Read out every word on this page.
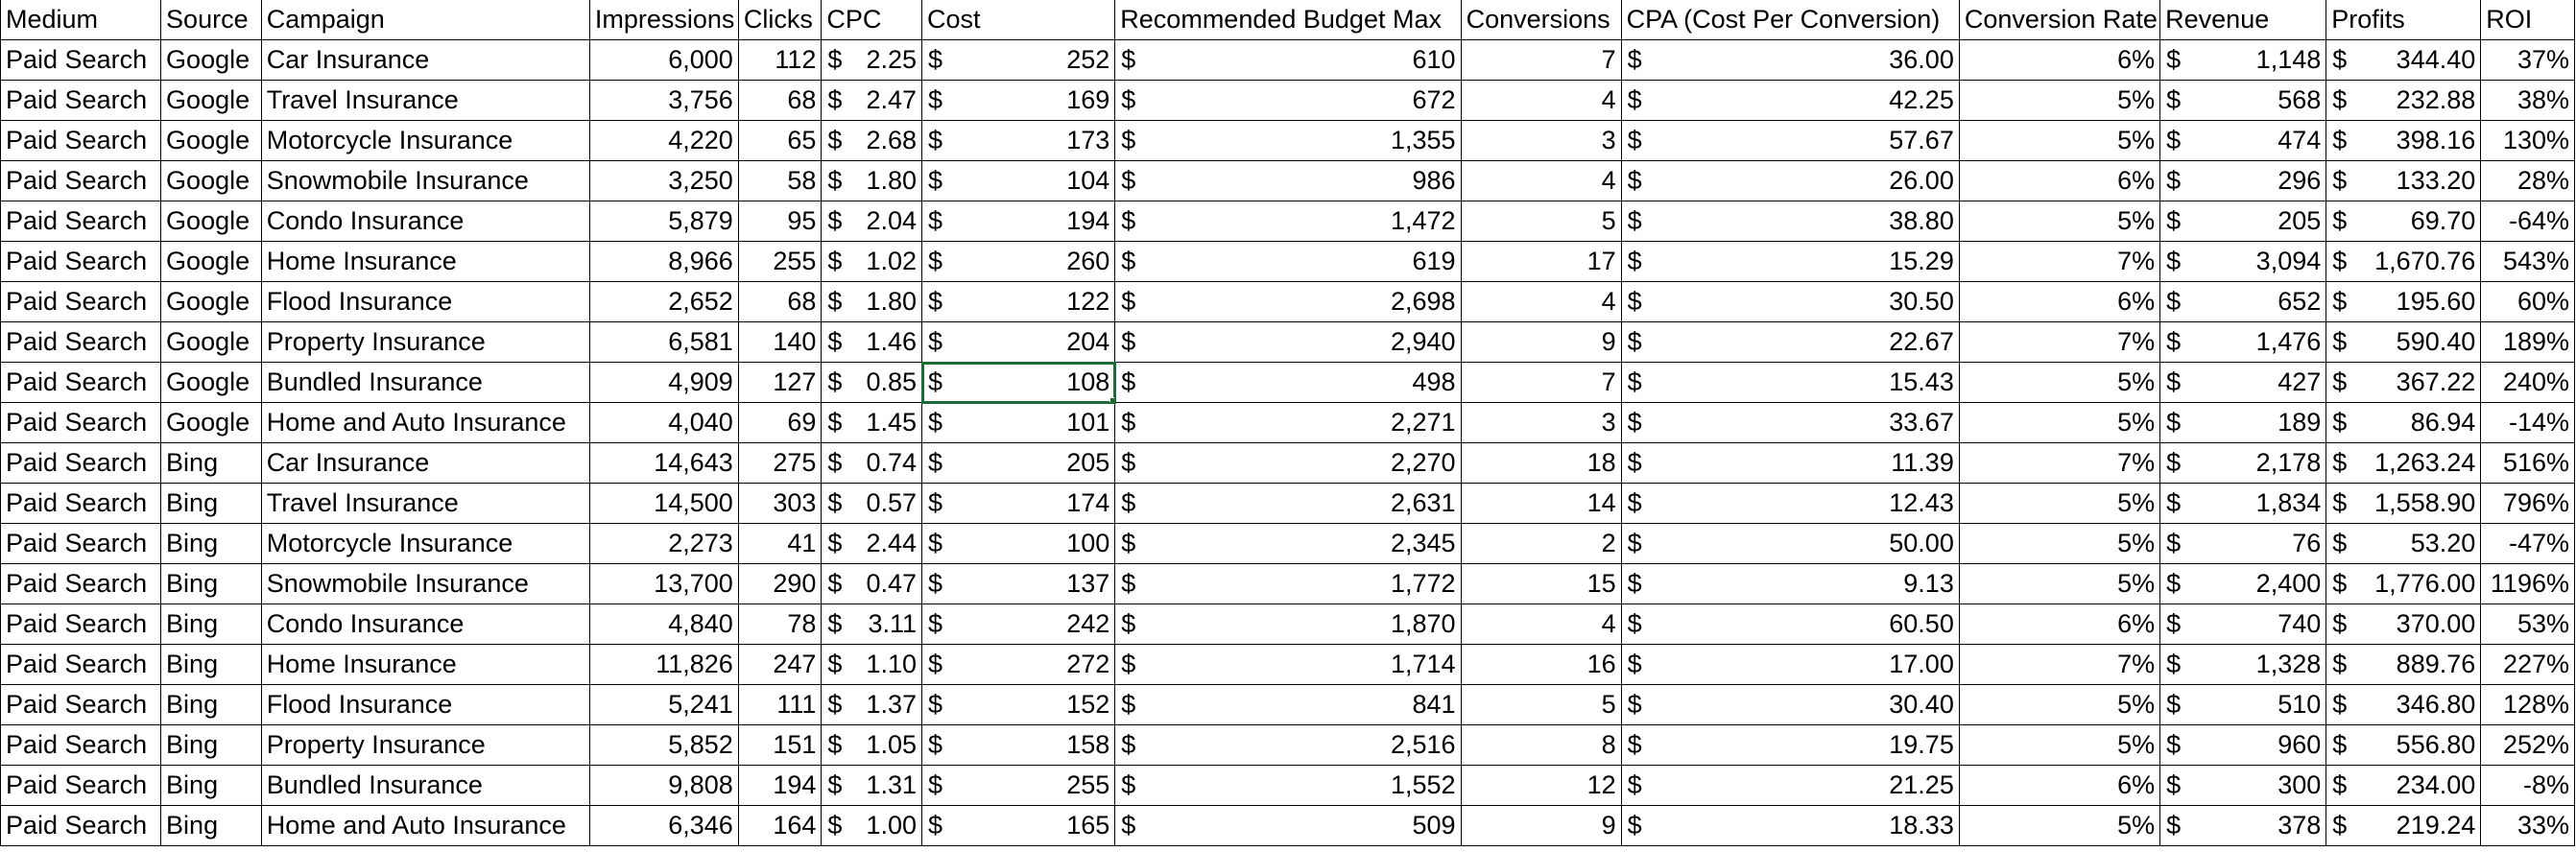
Medium	Source	Campaign	Impressions	Clicks	CPC	Cost	Recommended Budget Max	Conversions	CPA (Cost Per Conversion)	Conversion Rate	Revenue	Profits	ROI
Paid Search	Google	Car Insurance	6,000	112	$ 2.25	$ 252	$ 610	7	$ 36.00	6%	$ 1,148	$ 344.40	37%
Paid Search	Google	Travel Insurance	3,756	68	$ 2.47	$ 169	$ 672	4	$ 42.25	5%	$ 568	$ 232.88	38%
Paid Search	Google	Motorcycle Insurance	4,220	65	$ 2.68	$ 173	$ 1,355	3	$ 57.67	5%	$ 474	$ 398.16	130%
Paid Search	Google	Snowmobile Insurance	3,250	58	$ 1.80	$ 104	$ 986	4	$ 26.00	6%	$ 296	$ 133.20	28%
Paid Search	Google	Condo Insurance	5,879	95	$ 2.04	$ 194	$ 1,472	5	$ 38.80	5%	$ 205	$ 69.70	-64%
Paid Search	Google	Home Insurance	8,966	255	$ 1.02	$ 260	$ 619	17	$ 15.29	7%	$ 3,094	$ 1,670.76	543%
Paid Search	Google	Flood Insurance	2,652	68	$ 1.80	$ 122	$ 2,698	4	$ 30.50	6%	$ 652	$ 195.60	60%
Paid Search	Google	Property Insurance	6,581	140	$ 1.46	$ 204	$ 2,940	9	$ 22.67	7%	$ 1,476	$ 590.40	189%
Paid Search	Google	Bundled Insurance	4,909	127	$ 0.85	$ 108	$ 498	7	$ 15.43	5%	$ 427	$ 367.22	240%
Paid Search	Google	Home and Auto Insurance	4,040	69	$ 1.45	$ 101	$ 2,271	3	$ 33.67	5%	$ 189	$ 86.94	-14%
Paid Search	Bing	Car Insurance	14,643	275	$ 0.74	$ 205	$ 2,270	18	$ 11.39	7%	$ 2,178	$ 1,263.24	516%
Paid Search	Bing	Travel Insurance	14,500	303	$ 0.57	$ 174	$ 2,631	14	$ 12.43	5%	$ 1,834	$ 1,558.90	796%
Paid Search	Bing	Motorcycle Insurance	2,273	41	$ 2.44	$ 100	$ 2,345	2	$ 50.00	5%	$ 76	$ 53.20	-47%
Paid Search	Bing	Snowmobile Insurance	13,700	290	$ 0.47	$ 137	$ 1,772	15	$ 9.13	5%	$ 2,400	$ 1,776.00	1196%
Paid Search	Bing	Condo Insurance	4,840	78	$ 3.11	$ 242	$ 1,870	4	$ 60.50	6%	$ 740	$ 370.00	53%
Paid Search	Bing	Home Insurance	11,826	247	$ 1.10	$ 272	$ 1,714	16	$ 17.00	7%	$ 1,328	$ 889.76	227%
Paid Search	Bing	Flood Insurance	5,241	111	$ 1.37	$ 152	$ 841	5	$ 30.40	5%	$ 510	$ 346.80	128%
Paid Search	Bing	Property Insurance	5,852	151	$ 1.05	$ 158	$ 2,516	8	$ 19.75	5%	$ 960	$ 556.80	252%
Paid Search	Bing	Bundled Insurance	9,808	194	$ 1.31	$ 255	$ 1,552	12	$ 21.25	6%	$ 300	$ 234.00	-8%
Paid Search	Bing	Home and Auto Insurance	6,346	164	$ 1.00	$ 165	$ 509	9	$ 18.33	5%	$ 378	$ 219.24	33%
